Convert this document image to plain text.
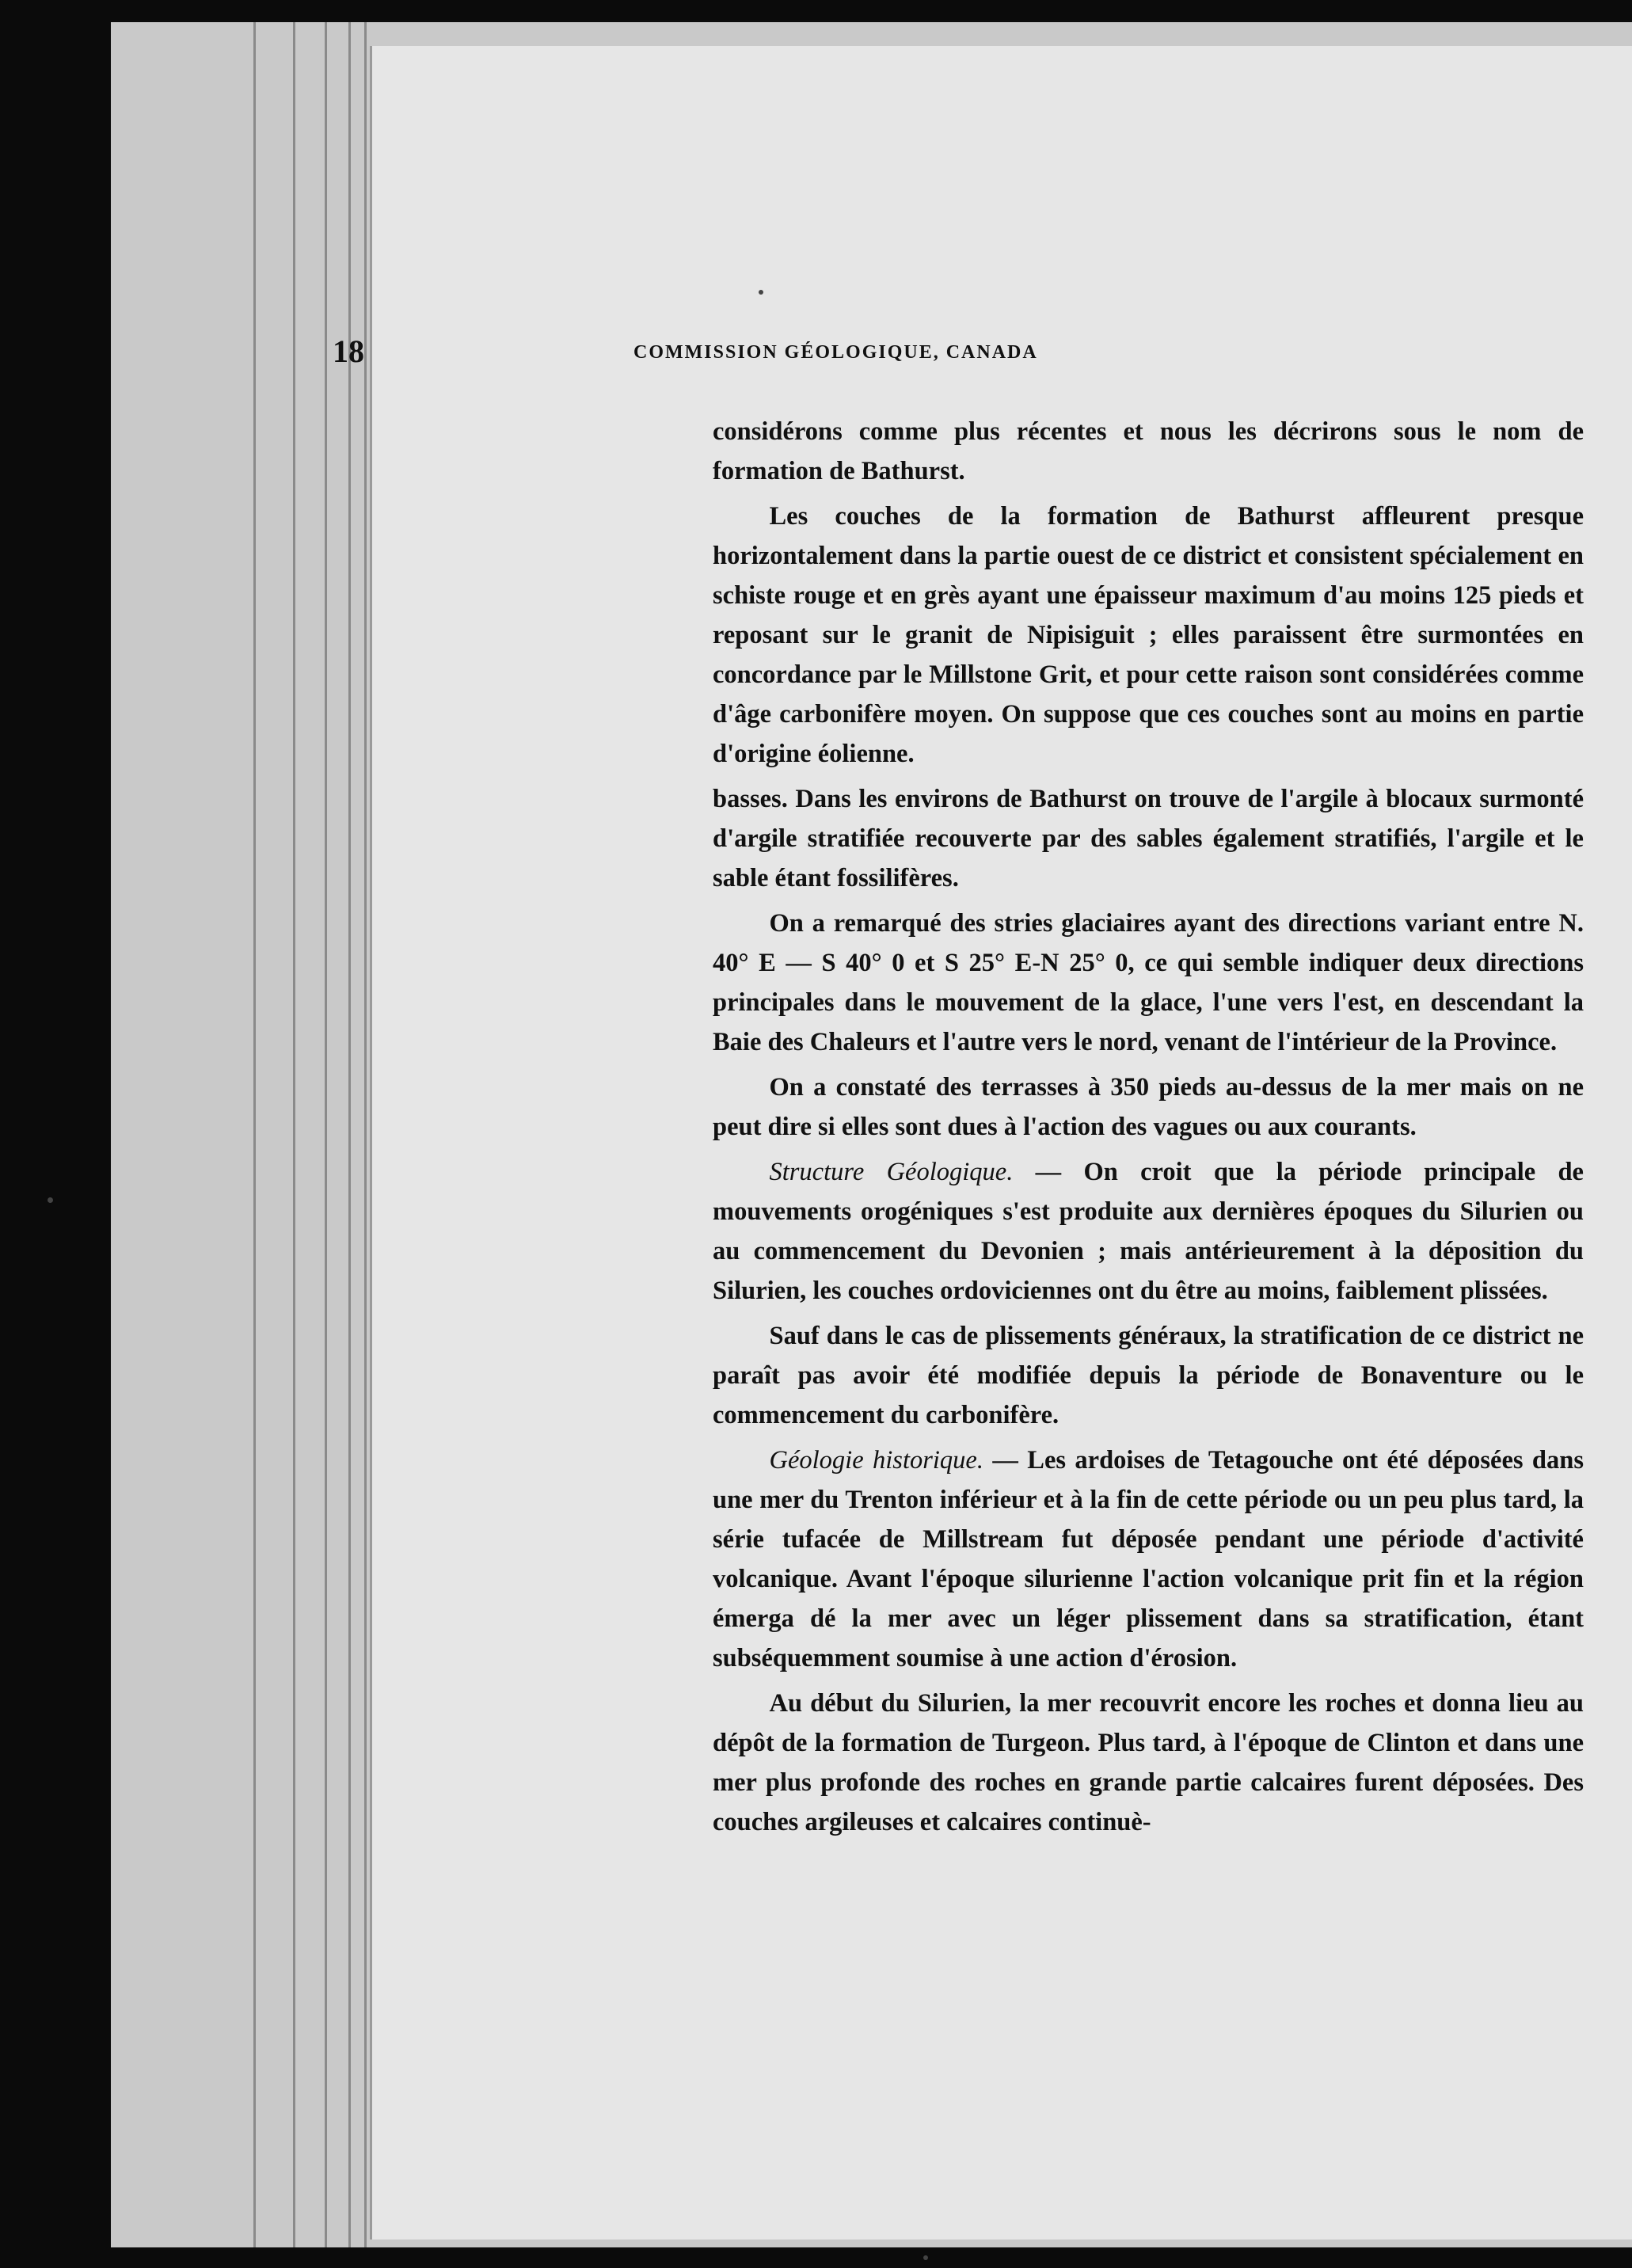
18	COMMISSION GÉOLOGIQUE, CANADA

considérons comme plus récentes et nous les décrirons sous le nom de formation de Bathurst.

Les couches de la formation de Bathurst affleurent presque horizontalement dans la partie ouest de ce district et consistent spécialement en schiste rouge et en grès ayant une épaisseur maximum d'au moins 125 pieds et reposant sur le granit de Nipisiguit ; elles paraissent être surmontées en concordance par le Millstone Grit, et pour cette raison sont considérées comme d'âge carbonifère moyen. On suppose que ces couches sont au moins en partie d'origine éolienne.

basses. Dans les environs de Bathurst on trouve de l'argile à blocaux surmonté d'argile stratifiée recouverte par des sables également stratifiés, l'argile et le sable étant fossilifères.

On a remarqué des stries glaciaires ayant des directions variant entre N. 40° E — S 40° 0 et S 25° E-N 25° 0, ce qui semble indiquer deux directions principales dans le mouvement de la glace, l'une vers l'est, en descendant la Baie des Chaleurs et l'autre vers le nord, venant de l'intérieur de la Province.

On a constaté des terrasses à 350 pieds au-dessus de la mer mais on ne peut dire si elles sont dues à l'action des vagues ou aux courants.

Structure Géologique. — On croit que la période principale de mouvements orogéniques s'est produite aux dernières époques du Silurien ou au commencement du Devonien ; mais antérieurement à la déposition du Silurien, les couches ordoviciennes ont du être au moins, faiblement plissées.

Sauf dans le cas de plissements généraux, la stratification de ce district ne paraît pas avoir été modifiée depuis la période de Bonaventure ou le commencement du carbonifère.

Géologie historique. — Les ardoises de Tetagouche ont été déposées dans une mer du Trenton inférieur et à la fin de cette période ou un peu plus tard, la série tufacée de Millstream fut déposée pendant une période d'activité volcanique. Avant l'époque silurienne l'action volcanique prit fin et la région émerga dé la mer avec un léger plissement dans sa stratification, étant subséquemment soumise à une action d'érosion.

Au début du Silurien, la mer recouvrit encore les roches et donna lieu au dépôt de la formation de Turgeon. Plus tard, à l'époque de Clinton et dans une mer plus profonde des roches en grande partie calcaires furent déposées. Des couches argileuses et calcaires continuè-
